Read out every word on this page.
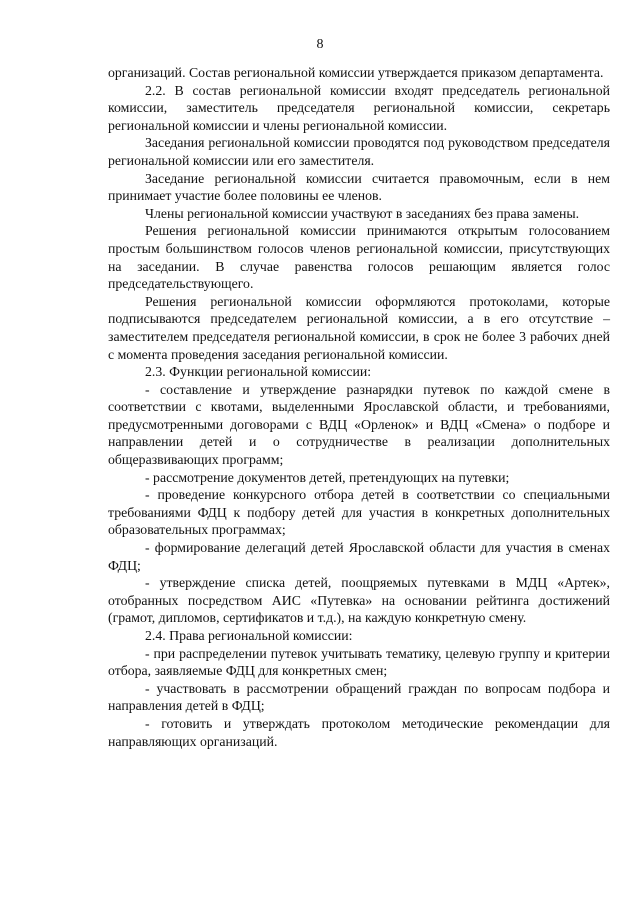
8

организаций. Состав региональной комиссии утверждается приказом департамента.

2.2. В состав региональной комиссии входят председатель региональной комиссии, заместитель председателя региональной комиссии, секретарь региональной комиссии и члены региональной комиссии.

Заседания региональной комиссии проводятся под руководством председателя региональной комиссии или его заместителя.

Заседание региональной комиссии считается правомочным, если в нем принимает участие более половины ее членов.

Члены региональной комиссии участвуют в заседаниях без права замены.

Решения региональной комиссии принимаются открытым голосованием простым большинством голосов членов региональной комиссии, присутствующих на заседании. В случае равенства голосов решающим является голос председательствующего.

Решения региональной комиссии оформляются протоколами, которые подписываются председателем региональной комиссии, а в его отсутствие – заместителем председателя региональной комиссии, в срок не более 3 рабочих дней с момента проведения заседания региональной комиссии.

2.3. Функции региональной комиссии:

- составление и утверждение разнарядки путевок по каждой смене в соответствии с квотами, выделенными Ярославской области, и требованиями, предусмотренными договорами с ВДЦ «Орленок» и ВДЦ «Смена» о подборе и направлении детей и о сотрудничестве в реализации дополнительных общеразвивающих программ;

- рассмотрение документов детей, претендующих на путевки;

- проведение конкурсного отбора детей в соответствии со специальными требованиями ФДЦ к подбору детей для участия в конкретных дополнительных образовательных программах;

- формирование делегаций детей Ярославской области для участия в сменах ФДЦ;

- утверждение списка детей, поощряемых путевками в МДЦ «Артек», отобранных посредством АИС «Путевка» на основании рейтинга достижений (грамот, дипломов, сертификатов и т.д.), на каждую конкретную смену.

2.4. Права региональной комиссии:

- при распределении путевок учитывать тематику, целевую группу и критерии отбора, заявляемые ФДЦ для конкретных смен;

- участвовать в рассмотрении обращений граждан по вопросам подбора и направления детей в ФДЦ;

- готовить и утверждать протоколом методические рекомендации для направляющих организаций.
